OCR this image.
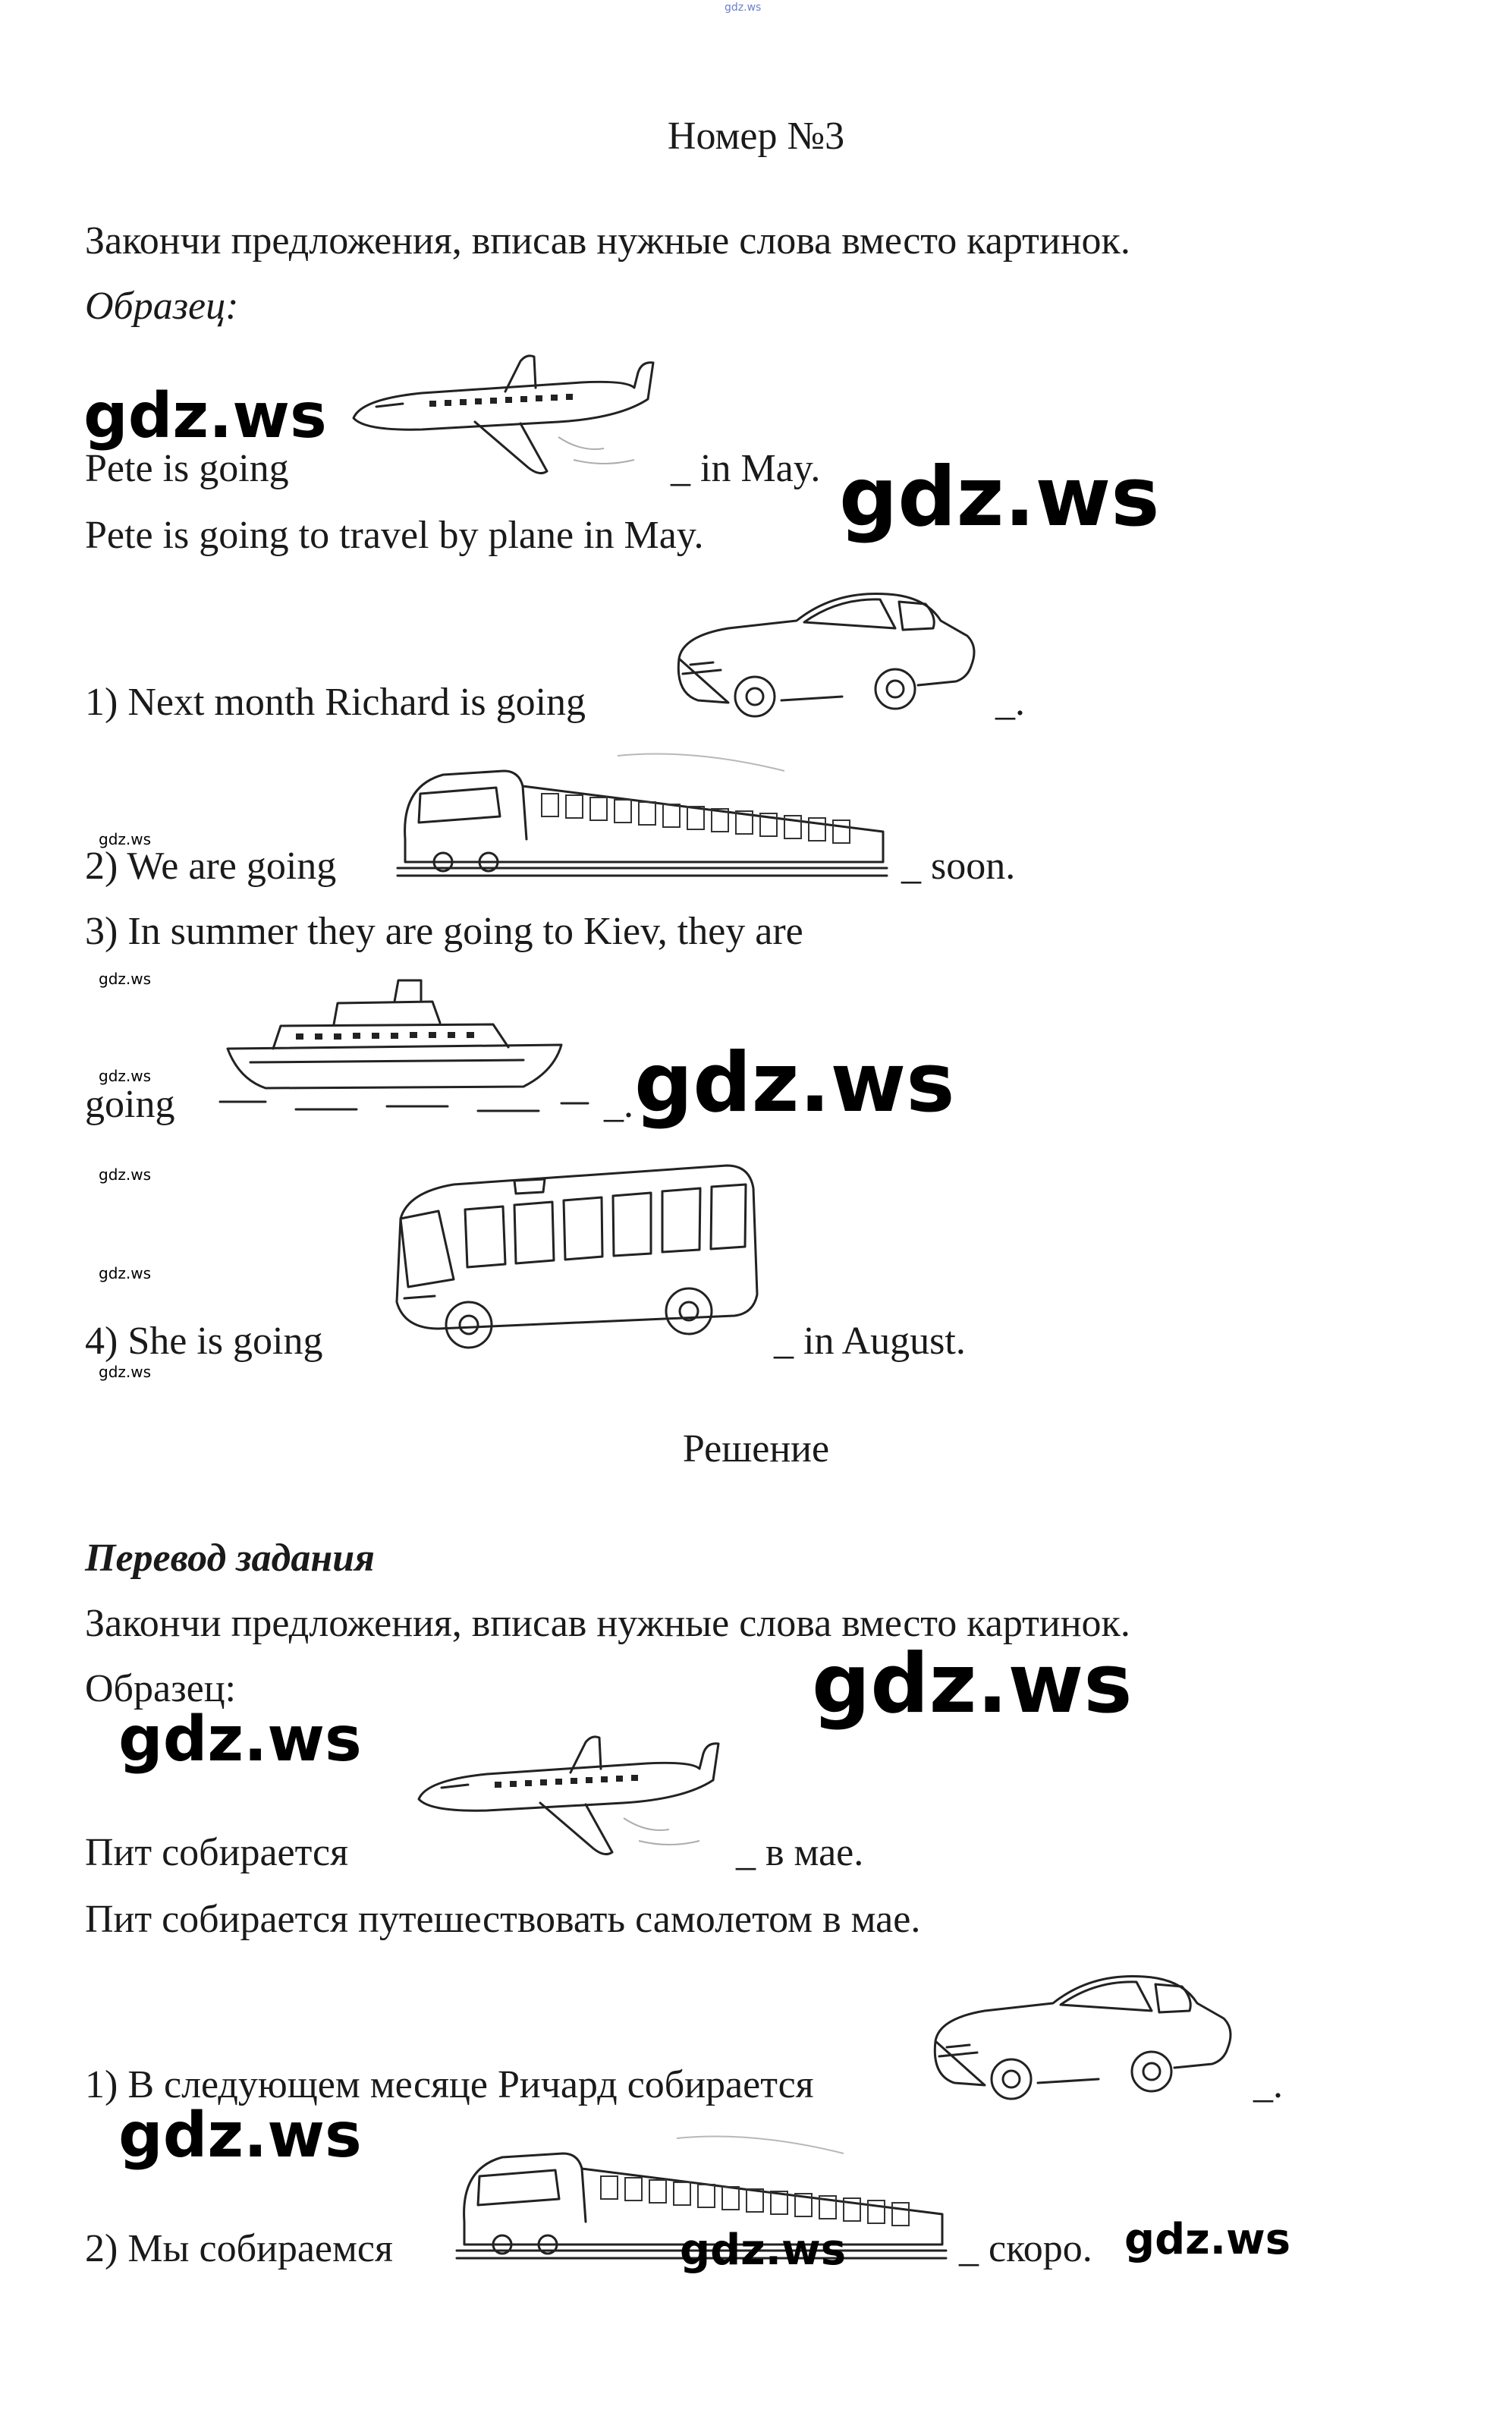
gdz.ws
Номер №3
Закончи предложения, вписав нужные слова вместо картинок.
Образец:
gdz.ws
Pete is going	_ in May. gdz.ws
Pete is going to travel by plane in May.
1) Next month Richard is going	_.
gdz.ws
2) We are going	_ soon.
3) In summer they are going to Kiev, they are
gdz.ws
gdz.ws
going	_. gdz.ws
gdz.ws
gdz.ws
4) She is going	_ in August.
gdz.ws
Решение
Перевод задания
Закончи предложения, вписав нужные слова вместо картинок.
Образец:	gdz.ws
gdz.ws
Пит собирается	_ в мае.
Пит собирается путешествовать самолетом в мае.
1) В следующем месяце Ричард собирается	_.
gdz.ws
2) Мы собираемся	gdz.ws	_ скоро. gdz.ws
